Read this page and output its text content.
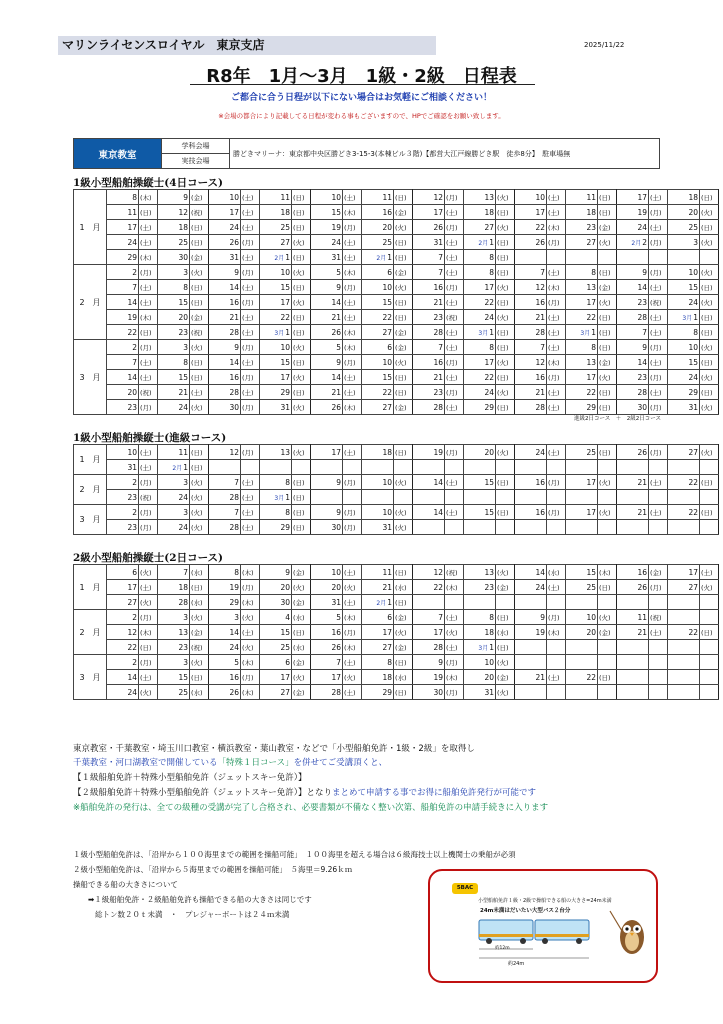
マリンライセンスロイヤル　東京支店	2025/11/22
R8年　1月～3月　1級・2級　日程表
ご都合に合う日程が以下にない場合はお気軽にご相談ください！
※会場の都合により記載してる日程が変わる事もございますので、HPでご確認をお願い致します。
東京教室	学科会場	勝どきマリーナ：東京都中央区勝どき3-15-3(本棟ビル３階)【都営大江戸線勝どき駅　徒歩8分】　駐車場無
実技会場
1級小型船舶操縦士(4日コース)
1　月	8	(木)	9	(金)	10	(土)	11	(日)	10	(土)	11	(日)	12	(月)	13	(火)	10	(土)	11	(日)	17	(土)	18	(日)
	11	(日)	12	(祝)	17	(土)	18	(日)	15	(木)	16	(金)	17	(土)	18	(日)	17	(土)	18	(日)	19	(月)	20	(火)
	17	(土)	18	(日)	24	(土)	25	(日)	19	(月)	20	(火)	26	(月)	27	(火)	22	(木)	23	(金)	24	(土)	25	(日)
	24	(土)	25	(日)	26	(月)	27	(火)	24	(土)	25	(日)	31	(土)	2月1	(日)	26	(月)	27	(火)	2月2	(月)	3	(火)
	29	(木)	30	(金)	31	(土)	2月1	(日)	31	(土)	2月1	(日)	7	(土)	8	(日)								
2　月	2	(月)	3	(火)	9	(月)	10	(火)	5	(木)	6	(金)	7	(土)	8	(日)	7	(土)	8	(日)	9	(月)	10	(火)
	7	(土)	8	(日)	14	(土)	15	(日)	9	(月)	10	(火)	16	(月)	17	(火)	12	(木)	13	(金)	14	(土)	15	(日)
	14	(土)	15	(日)	16	(月)	17	(火)	14	(土)	15	(日)	21	(土)	22	(日)	16	(月)	17	(火)	23	(祝)	24	(火)
	19	(木)	20	(金)	21	(土)	22	(日)	21	(土)	22	(日)	23	(祝)	24	(火)	21	(土)	22	(日)	28	(土)	3月1	(日)
	22	(日)	23	(祝)	28	(土)	3月1	(日)	26	(木)	27	(金)	28	(土)	3月1	(日)	28	(土)	3月1	(日)	7	(土)	8	(日)
3　月	2	(月)	3	(火)	9	(月)	10	(火)	5	(木)	6	(金)	7	(土)	8	(日)	7	(土)	8	(日)	9	(月)	10	(火)
	7	(土)	8	(日)	14	(土)	15	(日)	9	(月)	10	(火)	16	(月)	17	(火)	12	(木)	13	(金)	14	(土)	15	(日)
	14	(土)	15	(日)	16	(月)	17	(火)	14	(土)	15	(日)	21	(土)	22	(日)	16	(月)	17	(火)	23	(月)	24	(火)
	20	(祝)	21	(土)	28	(土)	29	(日)	21	(土)	22	(日)	23	(月)	24	(火)	21	(土)	22	(日)	28	(土)	29	(日)
	23	(月)	24	(火)	30	(月)	31	(火)	26	(木)	27	(金)	28	(土)	29	(日)	28	(土)	29	(日)	30	(月)	31	(火)
進級2日コース　＋　2級2日コース
1級小型船舶操縦士(進級コース)
1　月	10	(土)	11	(日)	12	(月)	13	(火)	17	(土)	18	(日)	19	(月)	20	(火)	24	(土)	25	(日)	26	(月)	27	(火)
	31	(土)	2月1	(日)																				
2　月	2	(月)	3	(火)	7	(土)	8	(日)	9	(月)	10	(火)	14	(土)	15	(日)	16	(月)	17	(火)	21	(土)	22	(日)
	23	(祝)	24	(火)	28	(土)	3月1	(日)																
3　月	2	(月)	3	(火)	7	(土)	8	(日)	9	(月)	10	(火)	14	(土)	15	(日)	16	(月)	17	(火)	21	(土)	22	(日)
	23	(月)	24	(火)	28	(土)	29	(日)	30	(月)	31	(火)												
2級小型船舶操縦士(2日コース)
1　月	6	(火)	7	(水)	8	(木)	9	(金)	10	(土)	11	(日)	12	(祝)	13	(火)	14	(水)	15	(木)	16	(金)	17	(土)
	17	(土)	18	(日)	19	(月)	20	(火)	20	(火)	21	(水)	22	(木)	23	(金)	24	(土)	25	(日)	26	(月)	27	(火)
	27	(火)	28	(水)	29	(木)	30	(金)	31	(土)	2月1	(日)												
2　月	2	(月)	3	(火)	3	(火)	4	(水)	5	(木)	6	(金)	7	(土)	8	(日)	9	(月)	10	(火)	11	(祝)		
	12	(木)	13	(金)	14	(土)	15	(日)	16	(月)	17	(火)	17	(火)	18	(水)	19	(木)	20	(金)	21	(土)	22	(日)
	22	(日)	23	(祝)	24	(火)	25	(水)	26	(木)	27	(金)	28	(土)	3月1	(日)								
3　月	2	(月)	3	(火)	5	(木)	6	(金)	7	(土)	8	(日)	9	(月)	10	(火)								
	14	(土)	15	(日)	16	(月)	17	(火)	17	(火)	18	(水)	19	(木)	20	(金)	21	(土)	22	(日)				
	24	(火)	25	(水)	26	(木)	27	(金)	28	(土)	29	(日)	30	(月)	31	(火)								
東京教室・千葉教室・埼玉川口教室・横浜教室・葉山教室・などで「小型船舶免許・1級・2級」を取得し
千葉教室・河口湖教室で開催している「特殊１日コース」を併せてご受講頂くと、
【１級船舶免許＋特殊小型船舶免許（ジェットスキー免許）】
【２級船舶免許＋特殊小型船舶免許（ジェットスキー免許）】となりまとめて申請する事でお得に船舶免許発行が可能です
※船舶免許の発行は、全ての級種の受講が完了し合格され、必要書類が不備なく整い次第、船舶免許の申請手続きに入ります
１級小型船舶免許は、「沿岸から１００海里までの範囲を操船可能」　 １００海里を超える場合は６級海技士以上機関士の乗船が必須
２級小型船舶免許は、「沿岸から５海里までの範囲を操船可能」　 ５海里＝9.26ｋｍ
操船できる船の大きさについて
➡１級船舶免許・２級船舶免許も操船できる船の大きさは同じです
総トン数２０ｔ未満　・　プレジャーボートは２４ｍ未満
5BAC
小型船舶免許１級・2級で操船できる船の大きさ=24m未満
24m未満はだいたい大型バス２台分
約12m
約24m
